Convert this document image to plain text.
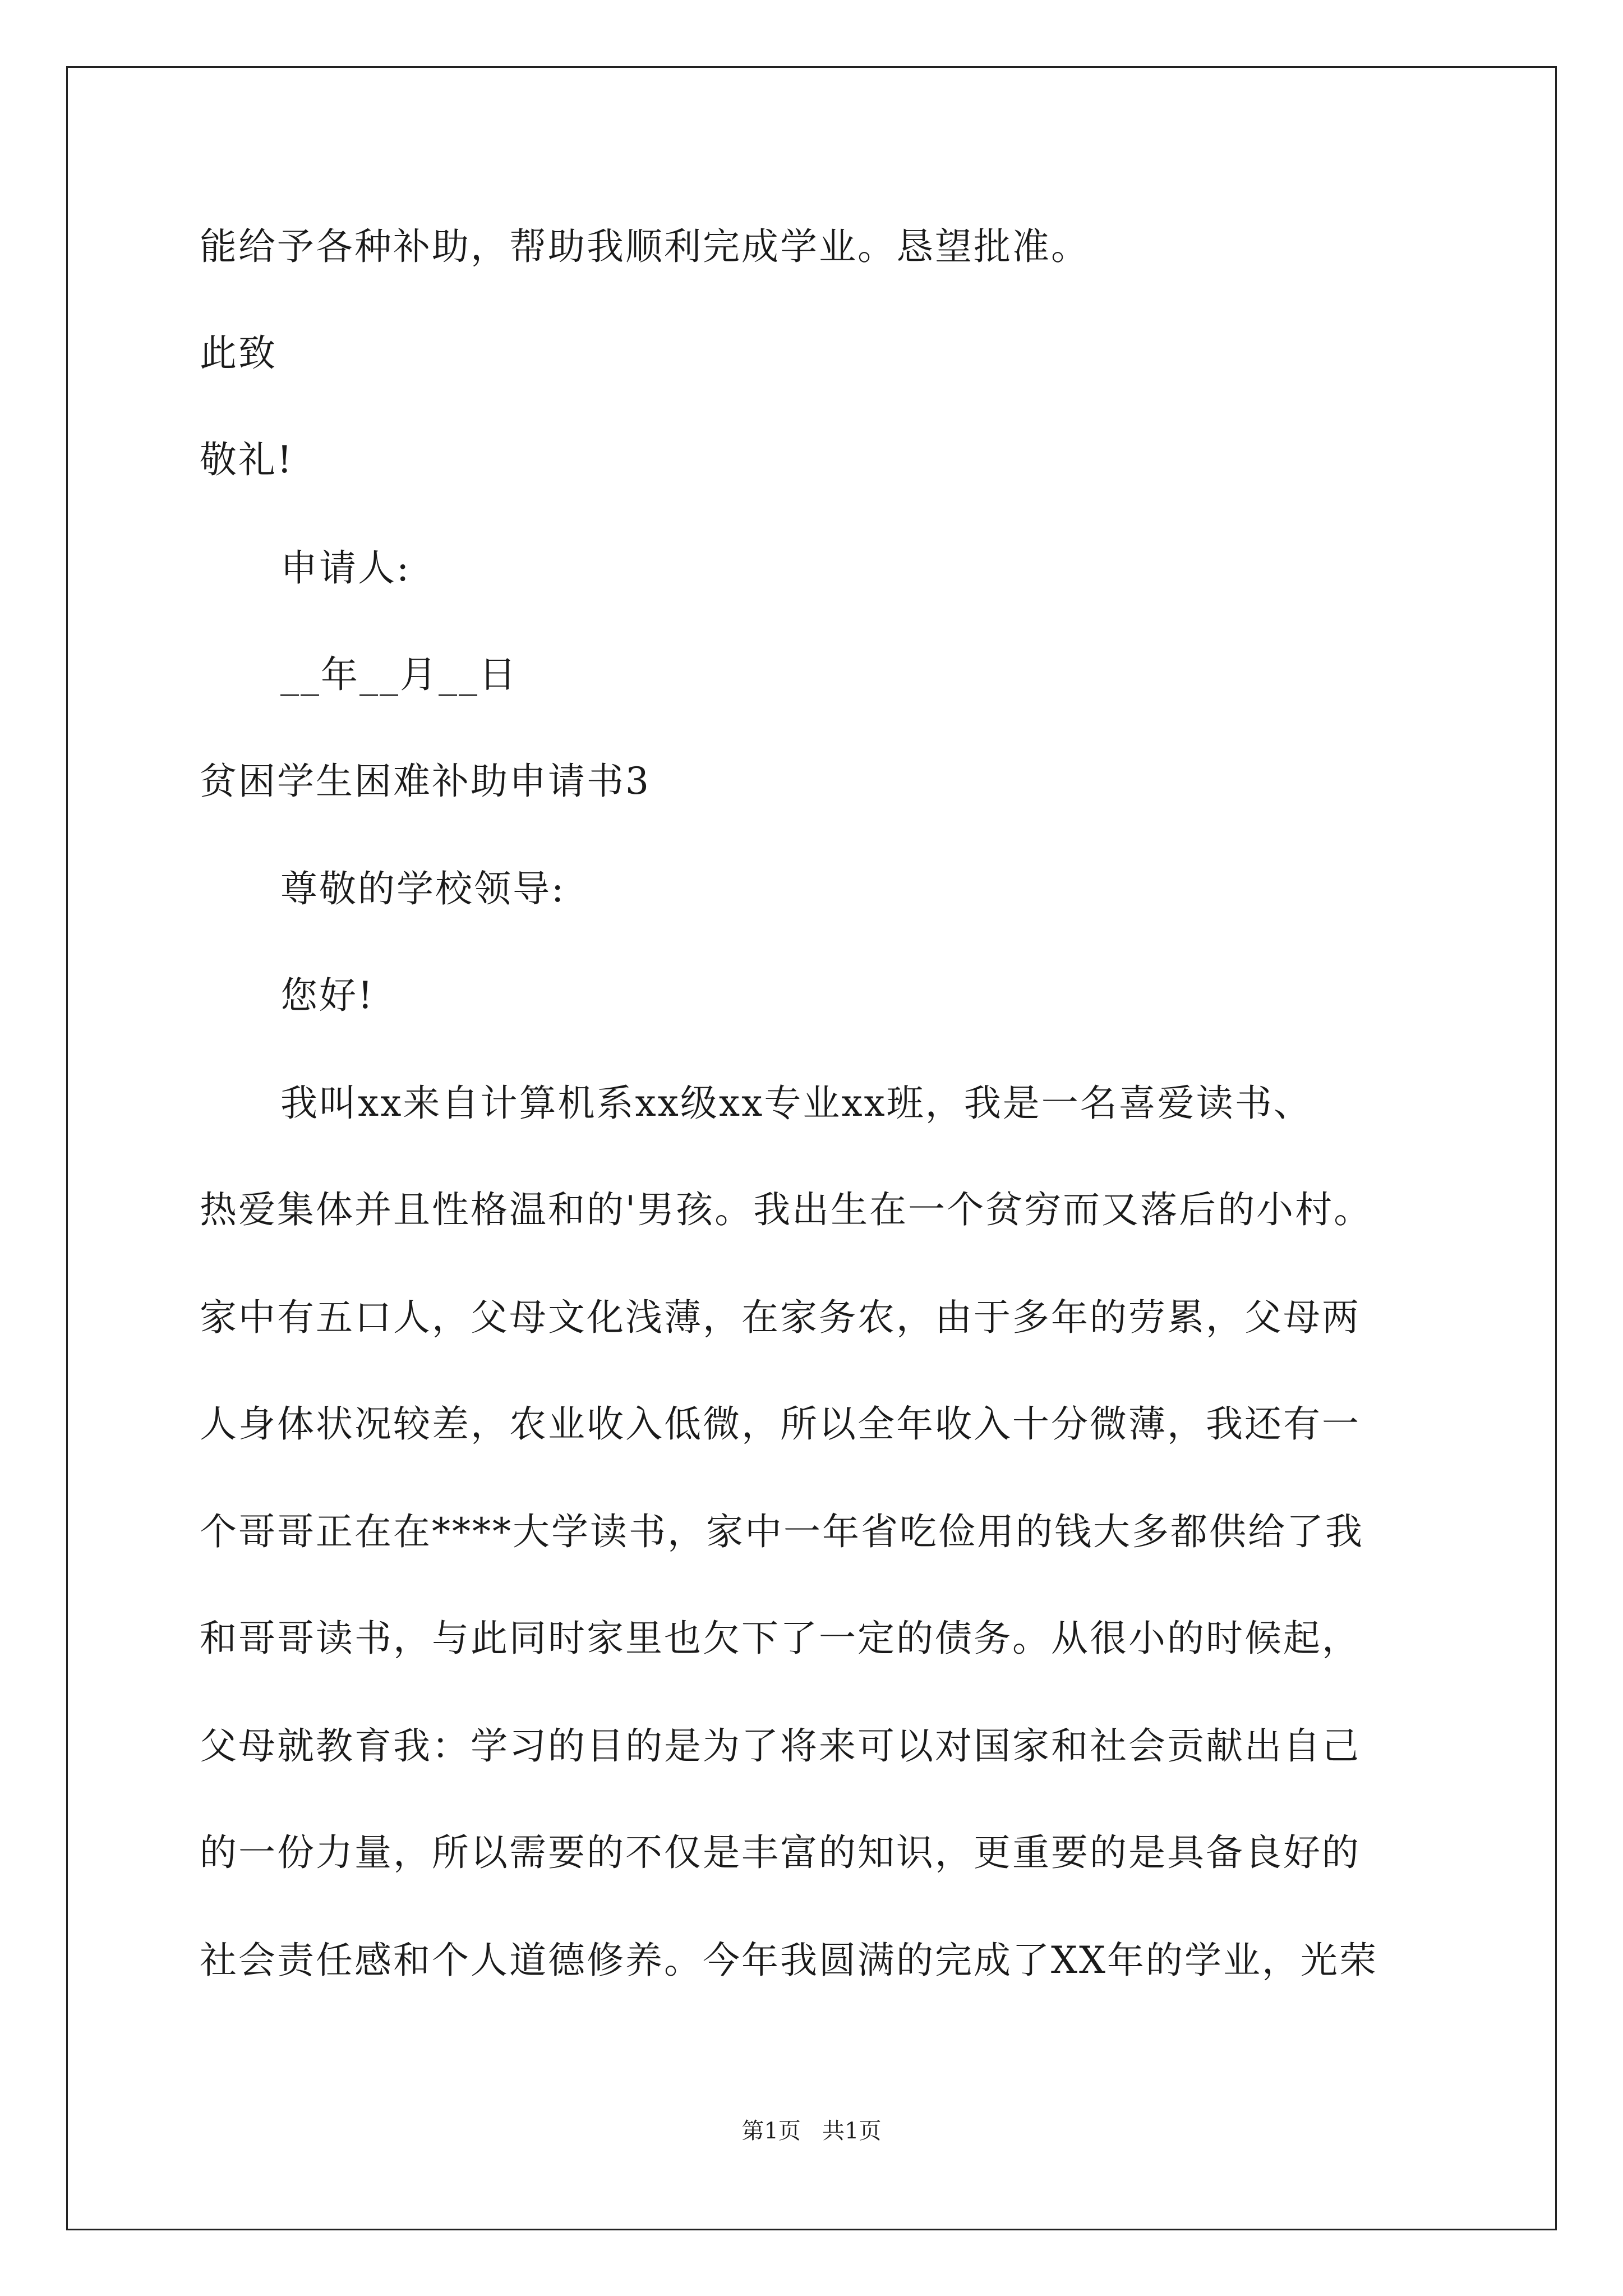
能给予各种补助，帮助我顺利完成学业。恳望批准。
此致
敬礼!
申请人:
__年__月__日
贫困学生困难补助申请书3
尊敬的学校领导:
您好!
我叫xx来自计算机系xx级xx专业xx班，我是一名喜爱读书、
热爱集体并且性格温和的'男孩。我出生在一个贫穷而又落后的小村。
家中有五口人，父母文化浅薄，在家务农，由于多年的劳累，父母两
人身体状况较差，农业收入低微，所以全年收入十分微薄，我还有一
个哥哥正在在****大学读书，家中一年省吃俭用的钱大多都供给了我
和哥哥读书，与此同时家里也欠下了一定的债务。从很小的时候起，
父母就教育我：学习的目的是为了将来可以对国家和社会贡献出自己
的一份力量，所以需要的不仅是丰富的知识，更重要的是具备良好的
社会责任感和个人道德修养。今年我圆满的完成了XX年的学业，光荣
第1页   共1页
